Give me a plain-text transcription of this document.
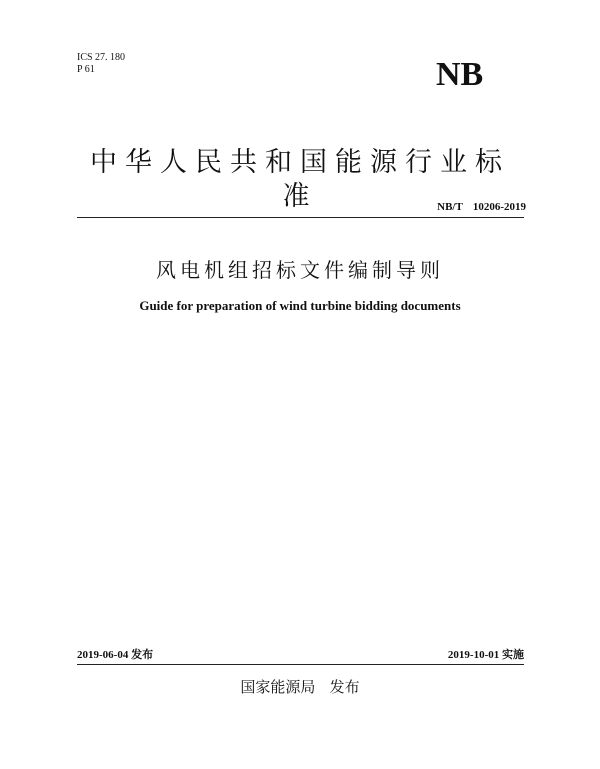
ICS 27. 180
P 61	NB
中华人民共和国能源行业标准	NB/T 10206-2019
风电机组招标文件编制导则
Guide for preparation of wind turbine bidding documents
2019-06-04 发布	2019-10-01 实施
国家能源局   发布
